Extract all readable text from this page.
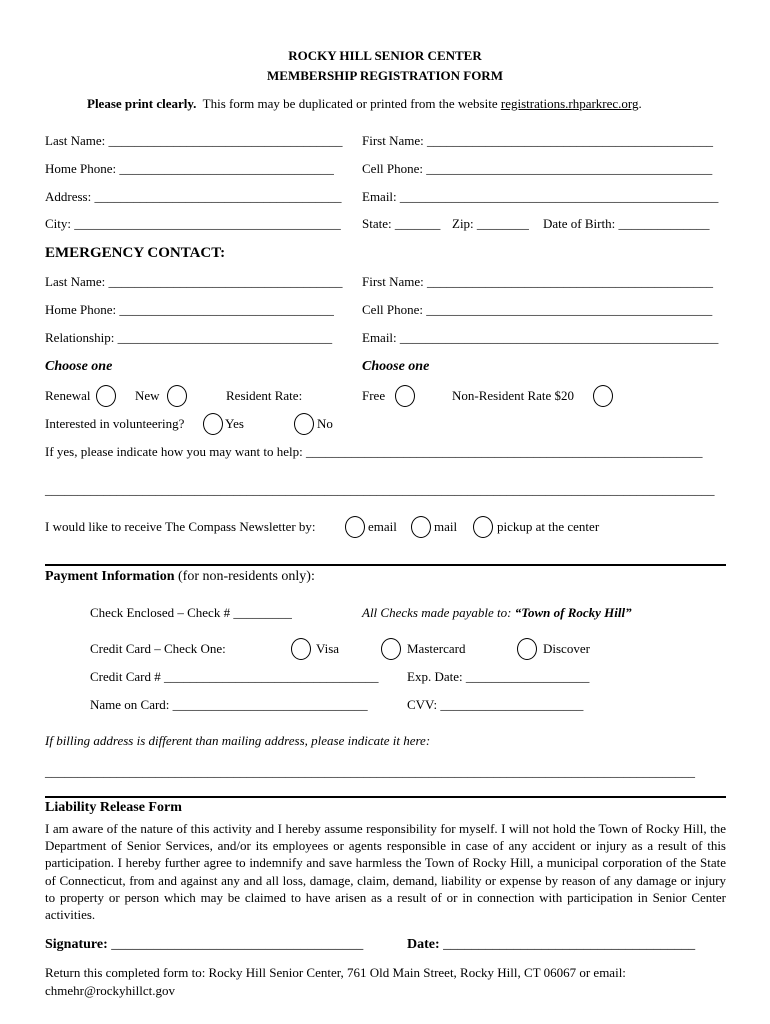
ROCKY HILL SENIOR CENTER
MEMBERSHIP REGISTRATION FORM
Please print clearly.  This form may be duplicated or printed from the website registrations.rhparkrec.org.
Last Name: ____________________________________ First Name: ____________________________________________
Home Phone: _________________________________ Cell Phone: ____________________________________________
Address: ______________________________________ Email: _________________________________________________
City: _________________________________________ State: _______ Zip: ________ Date of Birth: ______________
EMERGENCY CONTACT:
Last Name: ____________________________________ First Name: ____________________________________________
Home Phone: _________________________________ Cell Phone: ____________________________________________
Relationship: _________________________________ Email: _________________________________________________
Choose one	Choose one
Renewal	New	Resident Rate:	Free	Non-Resident Rate $20
Interested in volunteering?	Yes	No
If yes, please indicate how you may want to help: _____________________________________________________________
_______________________________________________________________________________________________________
I would like to receive The Compass Newsletter by:	email	mail	pickup at the center
Payment Information (for non-residents only):
Check Enclosed – Check # _________	All Checks made payable to: “Town of Rocky Hill”
Credit Card – Check One:	Visa	Mastercard	Discover
Credit Card # _________________________________ Exp. Date: ___________________
Name on Card: ______________________________	CVV: ______________________
If billing address is different than mailing address, please indicate it here:
____________________________________________________________________________________________________
Liability Release Form
I am aware of the nature of this activity and I hereby assume responsibility for myself. I will not hold the Town of Rocky Hill, the Department of Senior Services, and/or its employees or agents responsible in case of any accident or injury as a result of this participation. I hereby further agree to indemnify and save harmless the Town of Rocky Hill, a municipal corporation of the State of Connecticut, from and against any and all loss, damage, claim, demand, liability or expense by reason of any damage or injury to property or person which may be claimed to have arisen as a result of or in connection with participation in Senior Center activities.
Signature: ____________________________________	Date: ____________________________________
Return this completed form to: Rocky Hill Senior Center, 761 Old Main Street, Rocky Hill, CT 06067 or email:
chmehr@rockyhillct.gov
